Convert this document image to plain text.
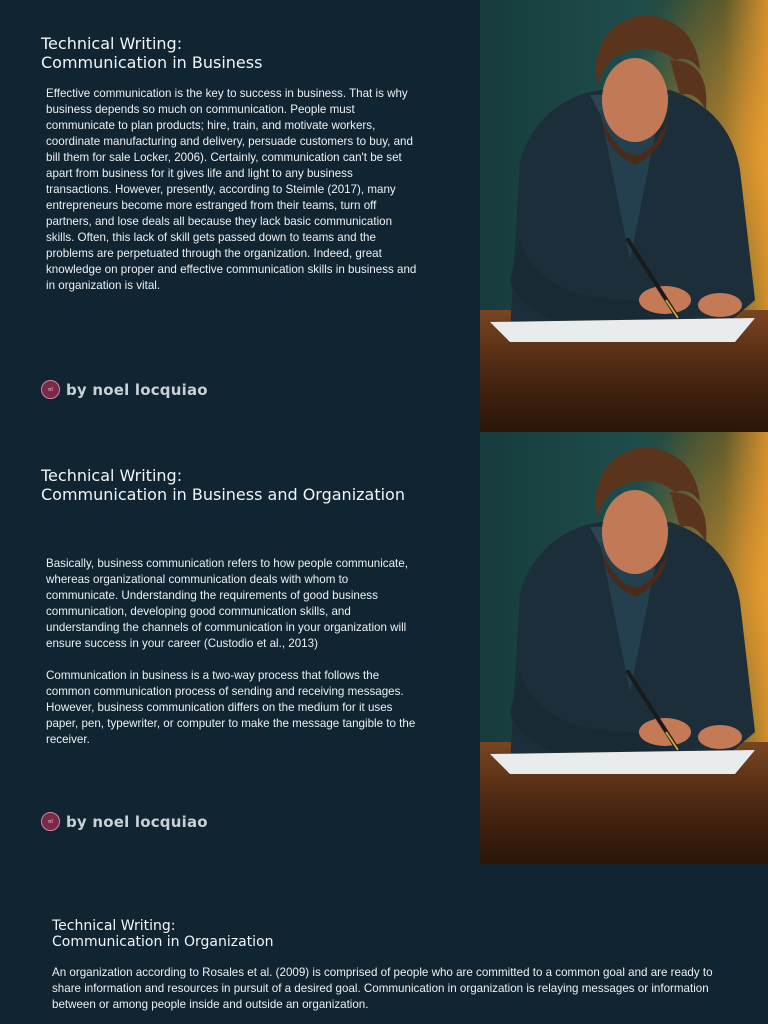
Technical Writing:
Communication in Business

Effective communication is the key to success in business. That is why business depends so much on communication. People must communicate to plan products; hire, train, and motivate workers, coordinate manufacturing and delivery, persuade customers to buy, and bill them for sale Locker, 2006). Certainly, communication can't be set apart from business for it gives life and light to any business transactions. However, presently, according to Steimle (2017), many entrepreneurs become more estranged from their teams, turn off partners, and lose deals all because they lack basic communication skills. Often, this lack of skill gets passed down to teams and the problems are perpetuated through the organization. Indeed, great knowledge on proper and effective communication skills in business and in organization is vital.

nl by noel locquiao
Technical Writing:
Communication in Business and Organization

Basically, business communication refers to how people communicate, whereas organizational communication deals with whom to communicate. Understanding the requirements of good business communication, developing good communication skills, and understanding the channels of communication in your organization will ensure success in your career (Custodio et al., 2013)

Communication in business is a two-way process that follows the common communication process of sending and receiving messages. However, business communication differs on the medium for it uses paper, pen, typewriter, or computer to make the message tangible to the receiver.

nl by noel locquiao
Technical Writing:
Communication in Organization

An organization according to Rosales et al. (2009) is comprised of people who are committed to a common goal and are ready to share information and resources in pursuit of a desired goal. Communication in organization is relaying messages or information between or among people inside and outside an organization.
